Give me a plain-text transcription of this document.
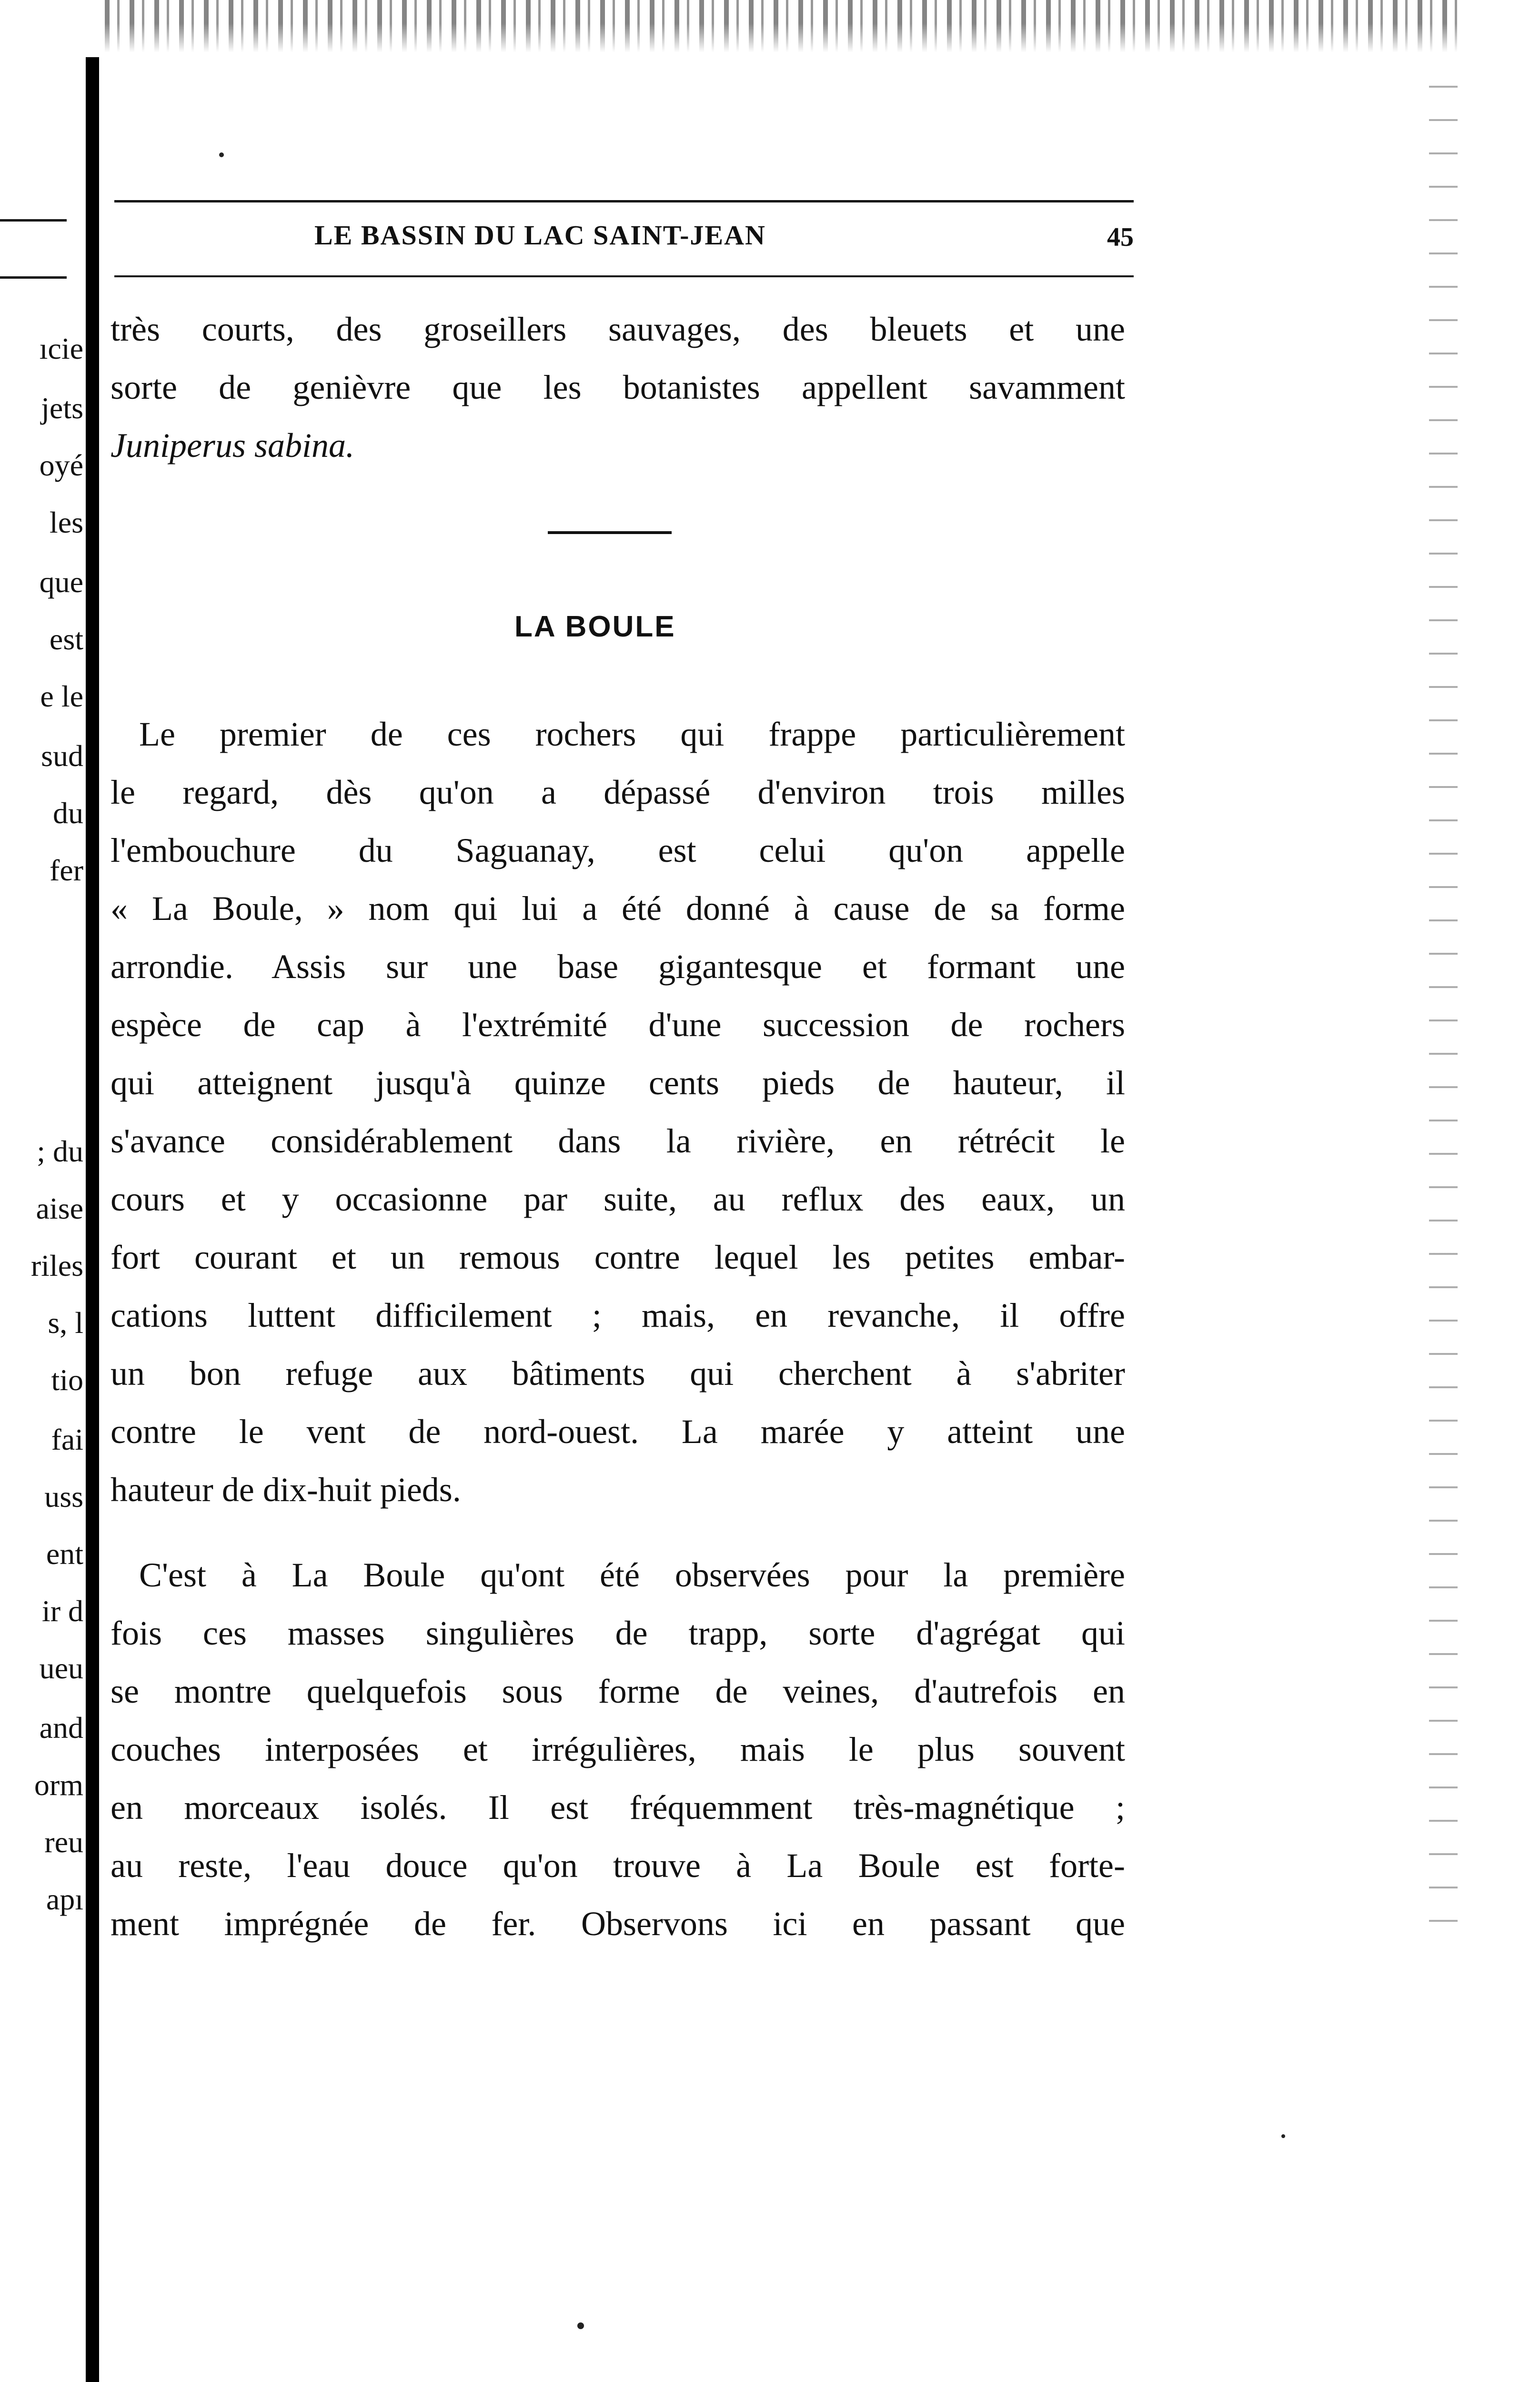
ıcie
jets
oyé
les
que
est
e le
sud
du
fer
; du
aise
riles
s, l
tio
fai
uss
ent
ir d
ueu
and
orm
reu
apı
LE BASSIN DU LAC SAINT-JEAN	45
très courts, des groseillers sauvages, des bleuets et une
sorte de genièvre que les botanistes appellent savamment
Juniperus sabina.
LA BOULE
Le premier de ces rochers qui frappe particulièrement
le regard, dès qu'on a dépassé d'environ trois milles
l'embouchure du Saguanay, est celui qu'on appelle
« La Boule, » nom qui lui a été donné à cause de sa forme
arrondie. Assis sur une base gigantesque et formant une
espèce de cap à l'extrémité d'une succession de rochers
qui atteignent jusqu'à quinze cents pieds de hauteur, il
s'avance considérablement dans la rivière, en rétrécit le
cours et y occasionne par suite, au reflux des eaux, un
fort courant et un remous contre lequel les petites embar-
cations luttent difficilement ; mais, en revanche, il offre
un bon refuge aux bâtiments qui cherchent à s'abriter
contre le vent de nord-ouest. La marée y atteint une
hauteur de dix-huit pieds.
C'est à La Boule qu'ont été observées pour la première
fois ces masses singulières de trapp, sorte d'agrégat qui
se montre quelquefois sous forme de veines, d'autrefois en
couches interposées et irrégulières, mais le plus souvent
en morceaux isolés. Il est fréquemment très-magnétique ;
au reste, l'eau douce qu'on trouve à La Boule est forte-
ment imprégnée de fer. Observons ici en passant que
